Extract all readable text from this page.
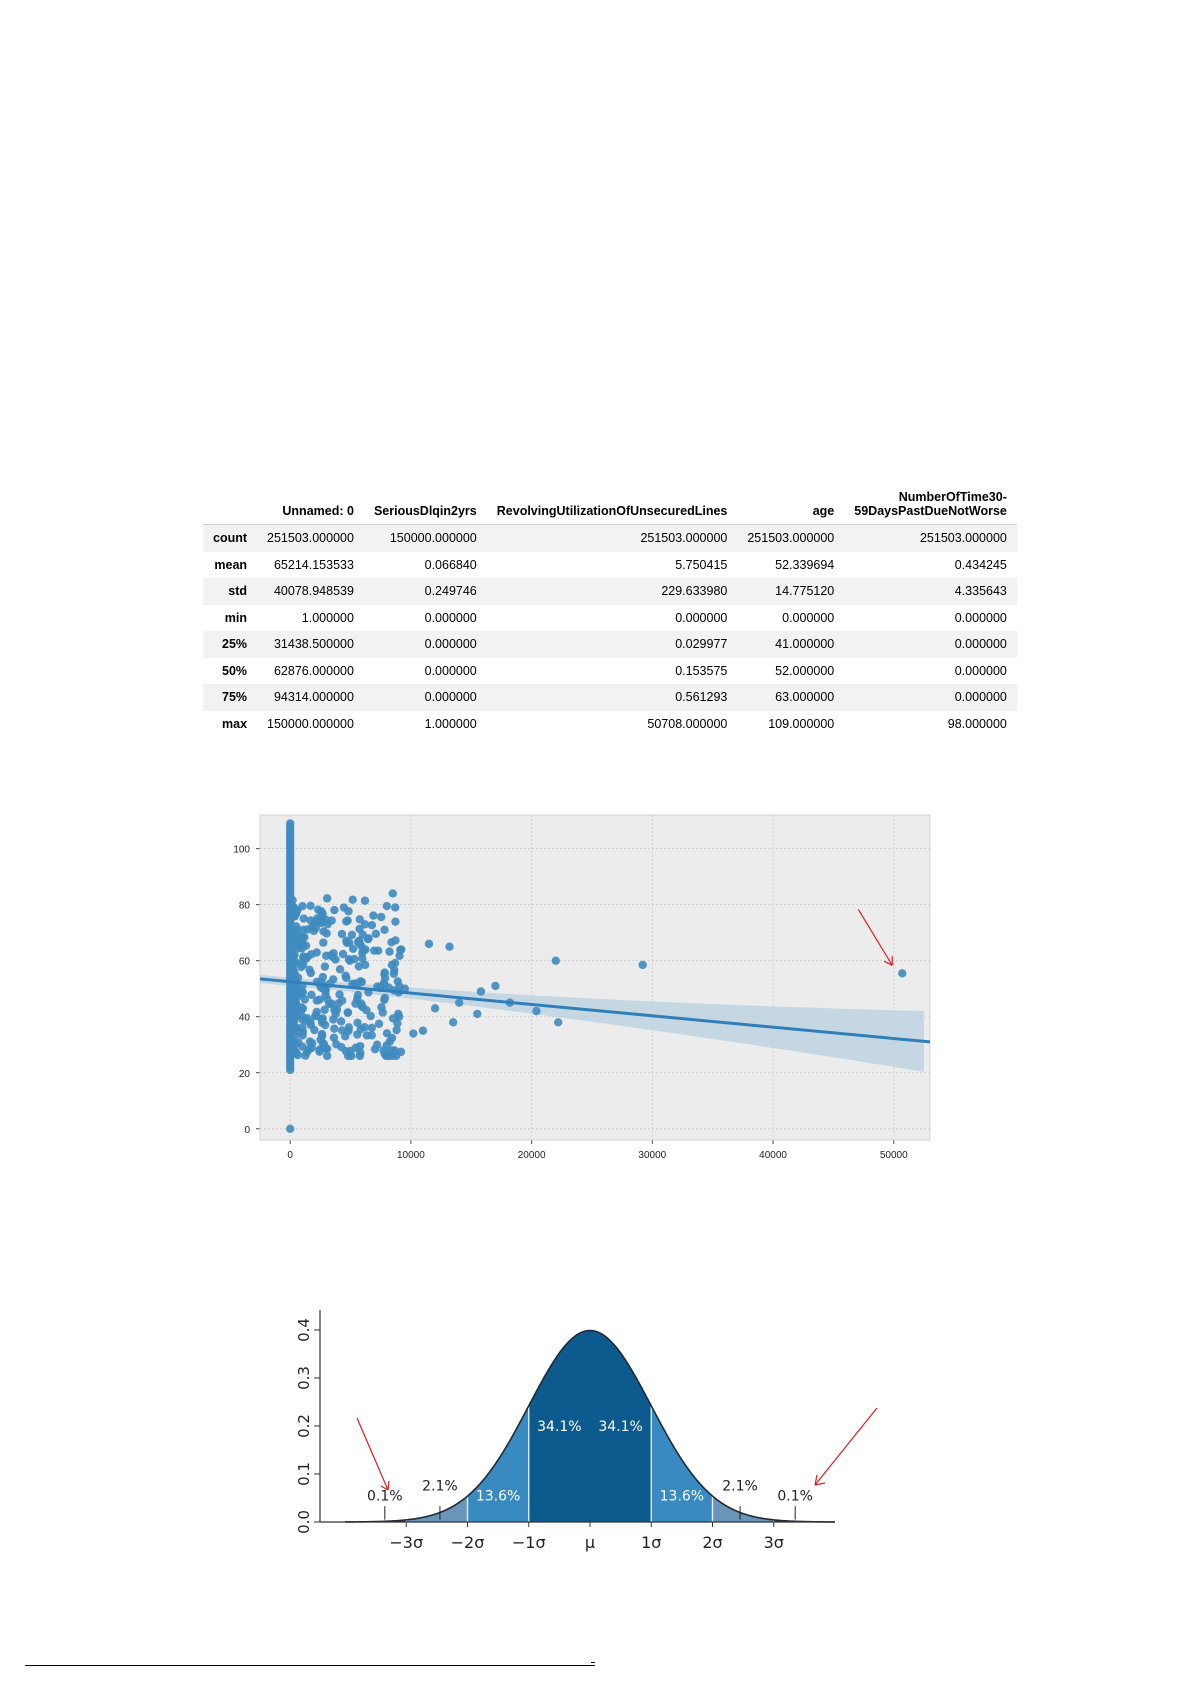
	Unnamed: 0	SeriousDlqin2yrs	RevolvingUtilizationOfUnsecuredLines	age	NumberOfTime30-
59DaysPastDueNotWorse

count	251503.000000	150000.000000	251503.000000	251503.000000	251503.000000
mean	65214.153533	0.066840	5.750415	52.339694	0.434245
std	40078.948539	0.249746	229.633980	14.775120	4.335643
min	1.000000	0.000000	0.000000	0.000000	0.000000
25%	31438.500000	0.000000	0.029977	41.000000	0.000000
50%	62876.000000	0.000000	0.153575	52.000000	0.000000
75%	94314.000000	0.000000	0.561293	63.000000	0.000000
max	150000.000000	1.000000	50708.000000	109.000000	98.000000
0	10000	20000	30000	40000	50000
0
20
40
60
80
100
0.0
0.1
0.2
0.3
0.4
−3σ −2σ −1σ μ	1σ	2σ	3σ
34.1% 34.1%
13.6%	13.6%
2.1%	2.1%
0.1%	0.1%
